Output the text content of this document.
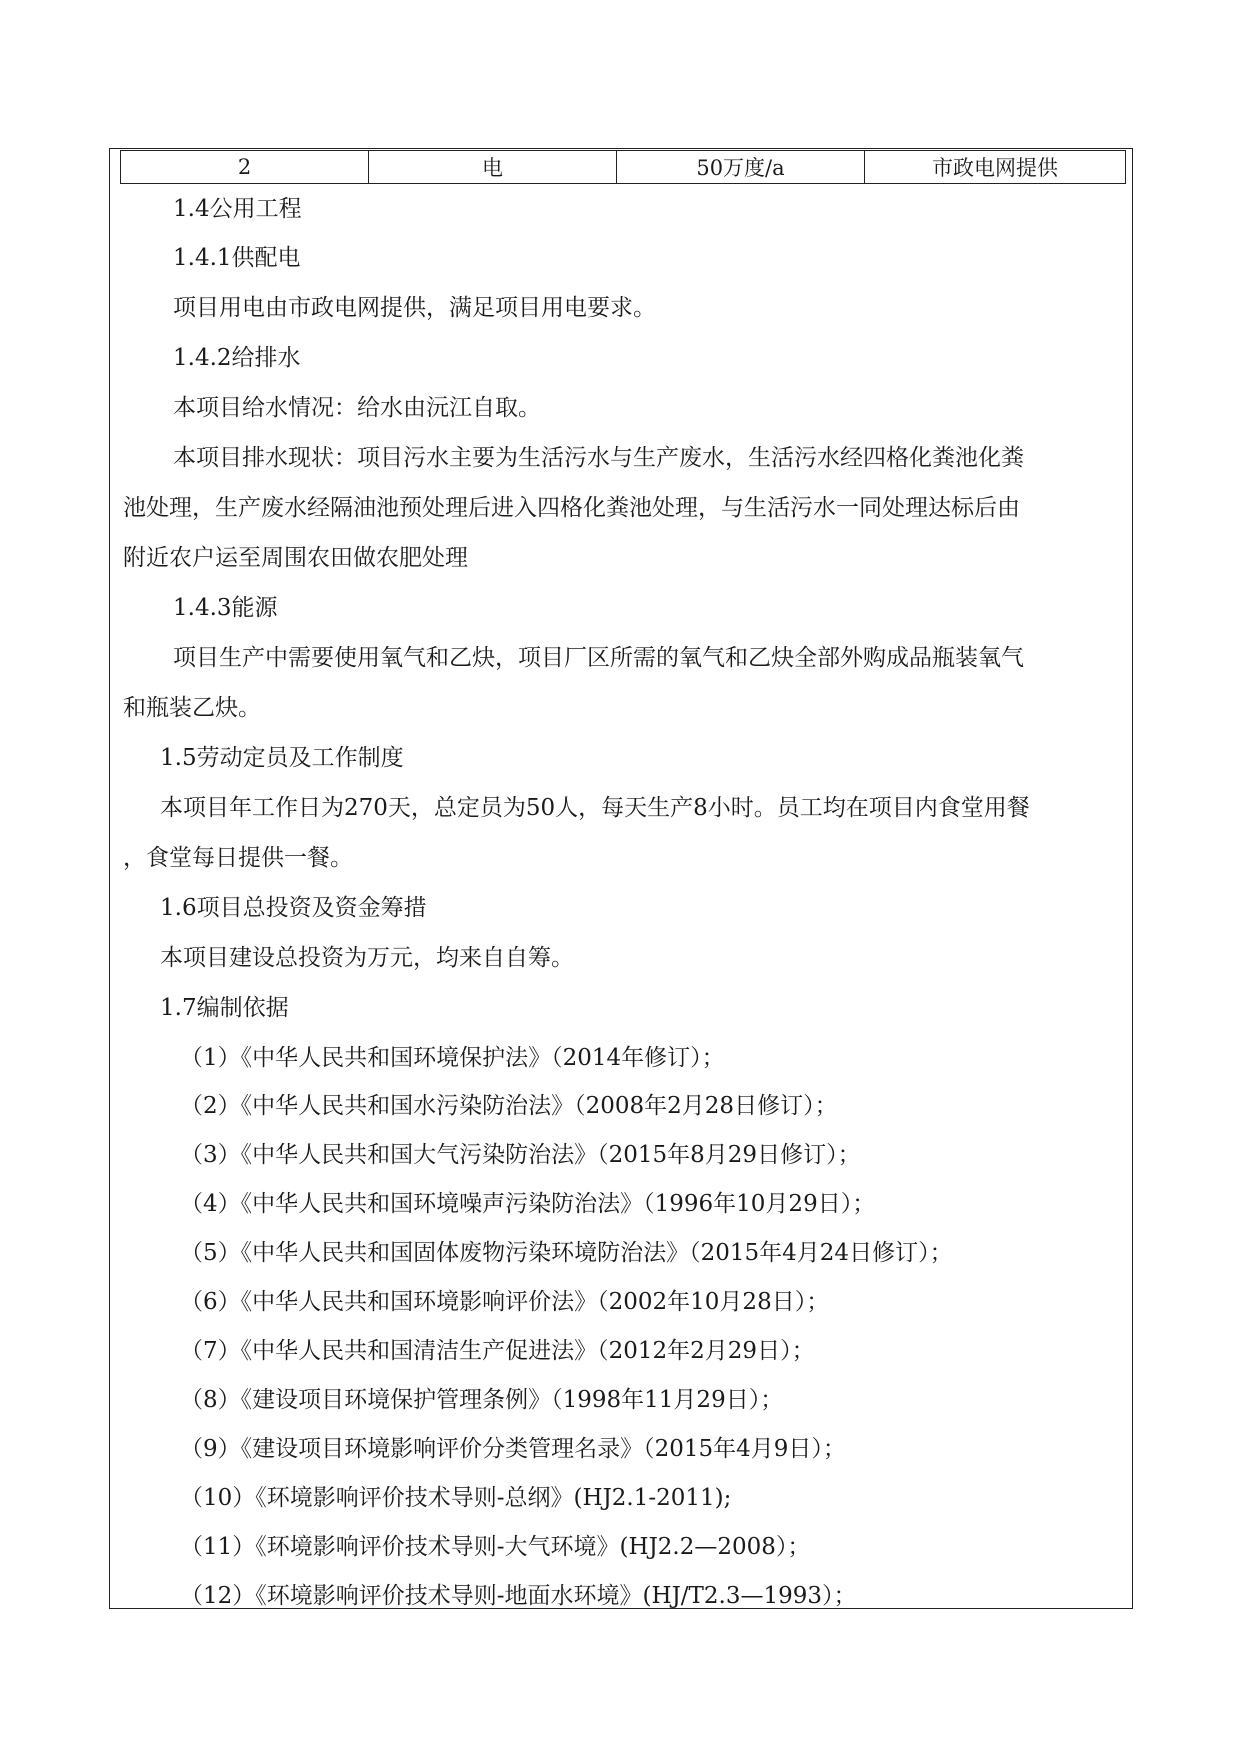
2	电	50万度/a	市政电网提供
1.4公用工程
1.4.1供配电
项目用电由市政电网提供，满足项目用电要求。
1.4.2给排水
本项目给水情况：给水由沅江自取。
本项目排水现状：项目污水主要为生活污水与生产废水，生活污水经四格化粪池化粪
池处理，生产废水经隔油池预处理后进入四格化粪池处理，与生活污水一同处理达标后由
附近农户运至周围农田做农肥处理
1.4.3能源
项目生产中需要使用氧气和乙炔，项目厂区所需的氧气和乙炔全部外购成品瓶装氧气
和瓶装乙炔。
1.5劳动定员及工作制度
本项目年工作日为270天，总定员为50人，每天生产8小时。员工均在项目内食堂用餐
，食堂每日提供一餐。
1.6项目总投资及资金筹措
本项目建设总投资为万元，均来自自筹。
1.7编制依据
（1）《中华人民共和国环境保护法》（2014年修订）；
（2）《中华人民共和国水污染防治法》（2008年2月28日修订）；
（3）《中华人民共和国大气污染防治法》（2015年8月29日修订）；
（4）《中华人民共和国环境噪声污染防治法》（1996年10月29日）；
（5）《中华人民共和国固体废物污染环境防治法》（2015年4月24日修订）；
（6）《中华人民共和国环境影响评价法》（2002年10月28日）；
（7）《中华人民共和国清洁生产促进法》（2012年2月29日）；
（8）《建设项目环境保护管理条例》（1998年11月29日）；
（9）《建设项目环境影响评价分类管理名录》（2015年4月9日）；
（10）《环境影响评价技术导则-总纲》(HJ2.1-2011);
（11）《环境影响评价技术导则-大气环境》(HJ2.2—2008）；
（12）《环境影响评价技术导则-地面水环境》(HJ/T2.3—1993）；
